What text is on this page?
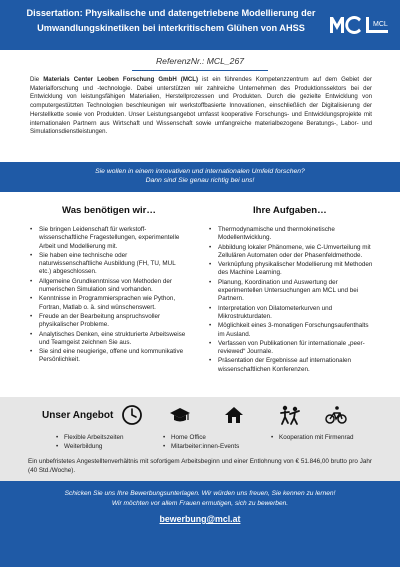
Dissertation: Physikalische und datengetriebene Modellierung der
Umwandlungskinetiken bei interkritischem Glühen von AHSS	MCL
ReferenzNr.: MCL_267

Die Materials Center Leoben Forschung GmbH (MCL) ist ein führendes Kompetenzzentrum auf dem Gebiet der Materialforschung und -technologie. Dabei unterstützen wir zahlreiche Unternehmen des Produktionssektors bei der Entwicklung von leistungsfähigen Materialien, Herstellprozessen und Produkten. Durch die gezielte Entwicklung von computergestützten Technologien beschleunigen wir werkstoffbasierte Innovationen, einschließlich der Digitalisierung der Herstellkette sowie von Produkten. Unser Leistungsangebot umfasst kooperative Forschungs- und Entwicklungsprojekte mit internationalen Partnern aus Wirtschaft und Wissenschaft sowie umfangreiche materialbezogene Beratungs-, Labor- und Simulationsdienstleistungen.

Sie wollen in einem innovativen und internationalen Umfeld forschen?
Dann sind Sie genau richtig bei uns!
Was benötigen wir…	Ihre Aufgaben…
• Sie bringen Leidenschaft für werkstoff-wissenschaftliche Fragestellungen, experimentelle Arbeit und Modellierung mit.
• Sie haben eine technische oder naturwissenschaftliche Ausbildung (FH, TU, MUL etc.) abgeschlossen.
• Allgemeine Grundkenntnisse von Methoden der numerischen Simulation sind vorhanden.
• Kenntnisse in Programmiersprachen wie Python, Fortran, Matlab o. ä. sind wünschenswert.
• Freude an der Bearbeitung anspruchsvoller physikalischer Probleme.
• Analytisches Denken, eine strukturierte Arbeitsweise und Teamgeist zeichnen Sie aus.
• Sie sind eine neugierige, offene und kommunikative Persönlichkeit.
• Thermodynamische und thermokinetische Modellentwicklung.
• Abbildung lokaler Phänomene, wie C-Umverteilung mit Zellulären Automaten oder der Phasenfeldmethode.
• Verknüpfung physikalischer Modellierung mit Methoden des Machine Learning.
• Planung, Koordination und Auswertung der experimentellen Untersuchungen am MCL und bei Partnern.
• Interpretation von Dilatometerkurven und Mikrostrukturdaten.
• Möglichkeit eines 3-monatigen Forschungsaufenthalts im Ausland.
• Verfassen von Publikationen für internationale „peer-reviewed“ Journale.
• Präsentation der Ergebnisse auf internationalen wissenschaftlichen Konferenzen.
Unser Angebot
• Flexible Arbeitszeiten
• Weiterbildung
• Home Office
• Mitarbeiter:innen-Events
• Kooperation mit Firmenrad

Ein unbefristetes Angestelltenverhältnis mit sofortigem Arbeitsbeginn und einer Entlohnung von € 51.846,00 brutto pro Jahr (40 Std./Woche).

Schicken Sie uns Ihre Bewerbungsunterlagen. Wir würden uns freuen, Sie kennen zu lernen!
Wir möchten vor allem Frauen ermutigen, sich zu bewerben.
bewerbung@mcl.at
